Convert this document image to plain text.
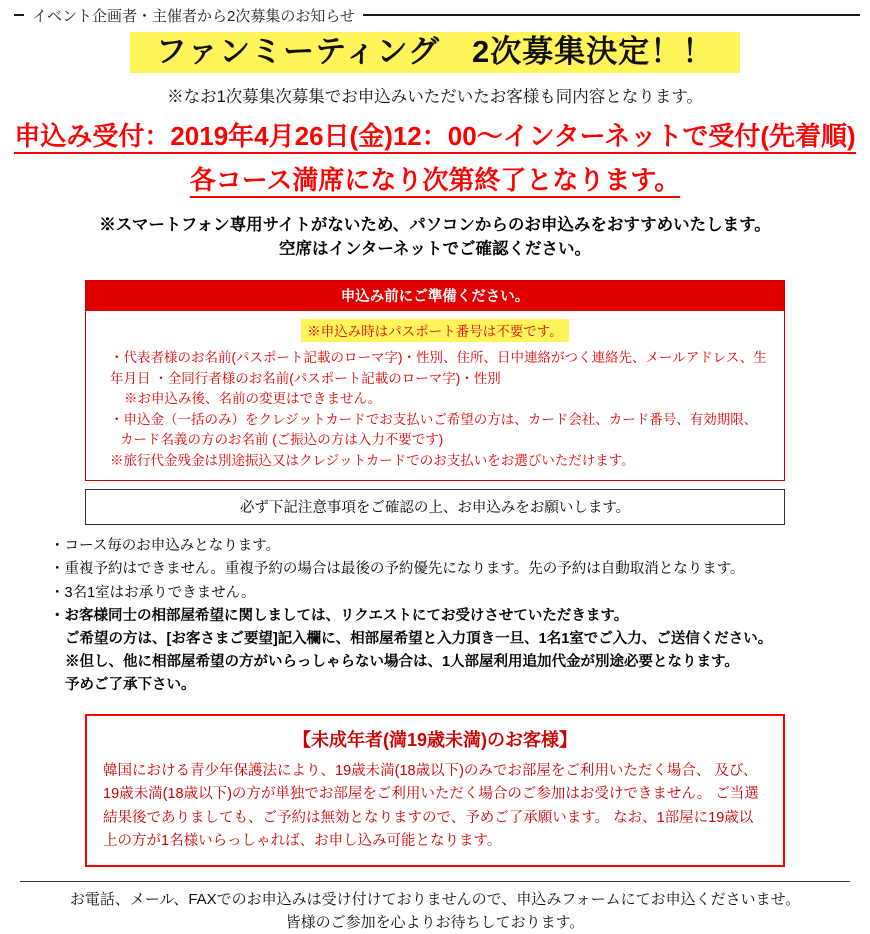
イベント企画者・主催者から2次募集のお知らせ
ファンミーティング　2次募集決定！！
※なお1次募集次募集でお申込みいただいたお客様も同内容となります。
申込み受付：2019年4月26日(金)12：00〜インターネットで受付(先着順)
各コース満席になり次第終了となります。
※スマートフォン専用サイトがないため、パソコンからのお申込みをおすすめいたします。
空席はインターネットでご確認ください。
申込み前にご準備ください。
※申込み時はパスポート番号は不要です。
・代表者様のお名前(パスポート記載のローマ字)・性別、住所、日中連絡がつく連絡先、メールアドレス、生年月日 ・全同行者様のお名前(パスポート記載のローマ字)・性別
※お申込み後、名前の変更はできません。
・申込金（一括のみ）をクレジットカードでお支払いご希望の方は、カード会社、カード番号、有効期限、
カード名義の方のお名前 (ご振込の方は入力不要です)
※旅行代金残金は別途振込又はクレジットカードでのお支払いをお選びいただけます。
必ず下記注意事項をご確認の上、お申込みをお願いします。
・コース毎のお申込みとなります。
・重複予約はできません。重複予約の場合は最後の予約優先になります。先の予約は自動取消となります。
・3名1室はお承りできません。
・お客様同士の相部屋希望に関しましては、リクエストにてお受けさせていただきます。
ご希望の方は、[お客さまご要望]記入欄に、相部屋希望と入力頂き一旦、1名1室でご入力、ご送信ください。
※但し、他に相部屋希望の方がいらっしゃらない場合は、1人部屋利用追加代金が別途必要となります。
予めご了承下さい。
【未成年者(満19歳未満)のお客様】
韓国における青少年保護法により、19歳未満(18歳以下)のみでお部屋をご利用いただく場合、 及び、19歳未満(18歳以下)の方が単独でお部屋をご利用いただく場合のご参加はお受けできません。 ご当選結果後でありましても、ご予約は無効となりますので、予めご了承願います。 なお、1部屋に19歳以上の方が1名様いらっしゃれば、お申し込み可能となります。
お電話、メール、FAXでのお申込みは受け付けておりませんので、申込みフォームにてお申込くださいませ。
皆様のご参加を心よりお待ちしております。
